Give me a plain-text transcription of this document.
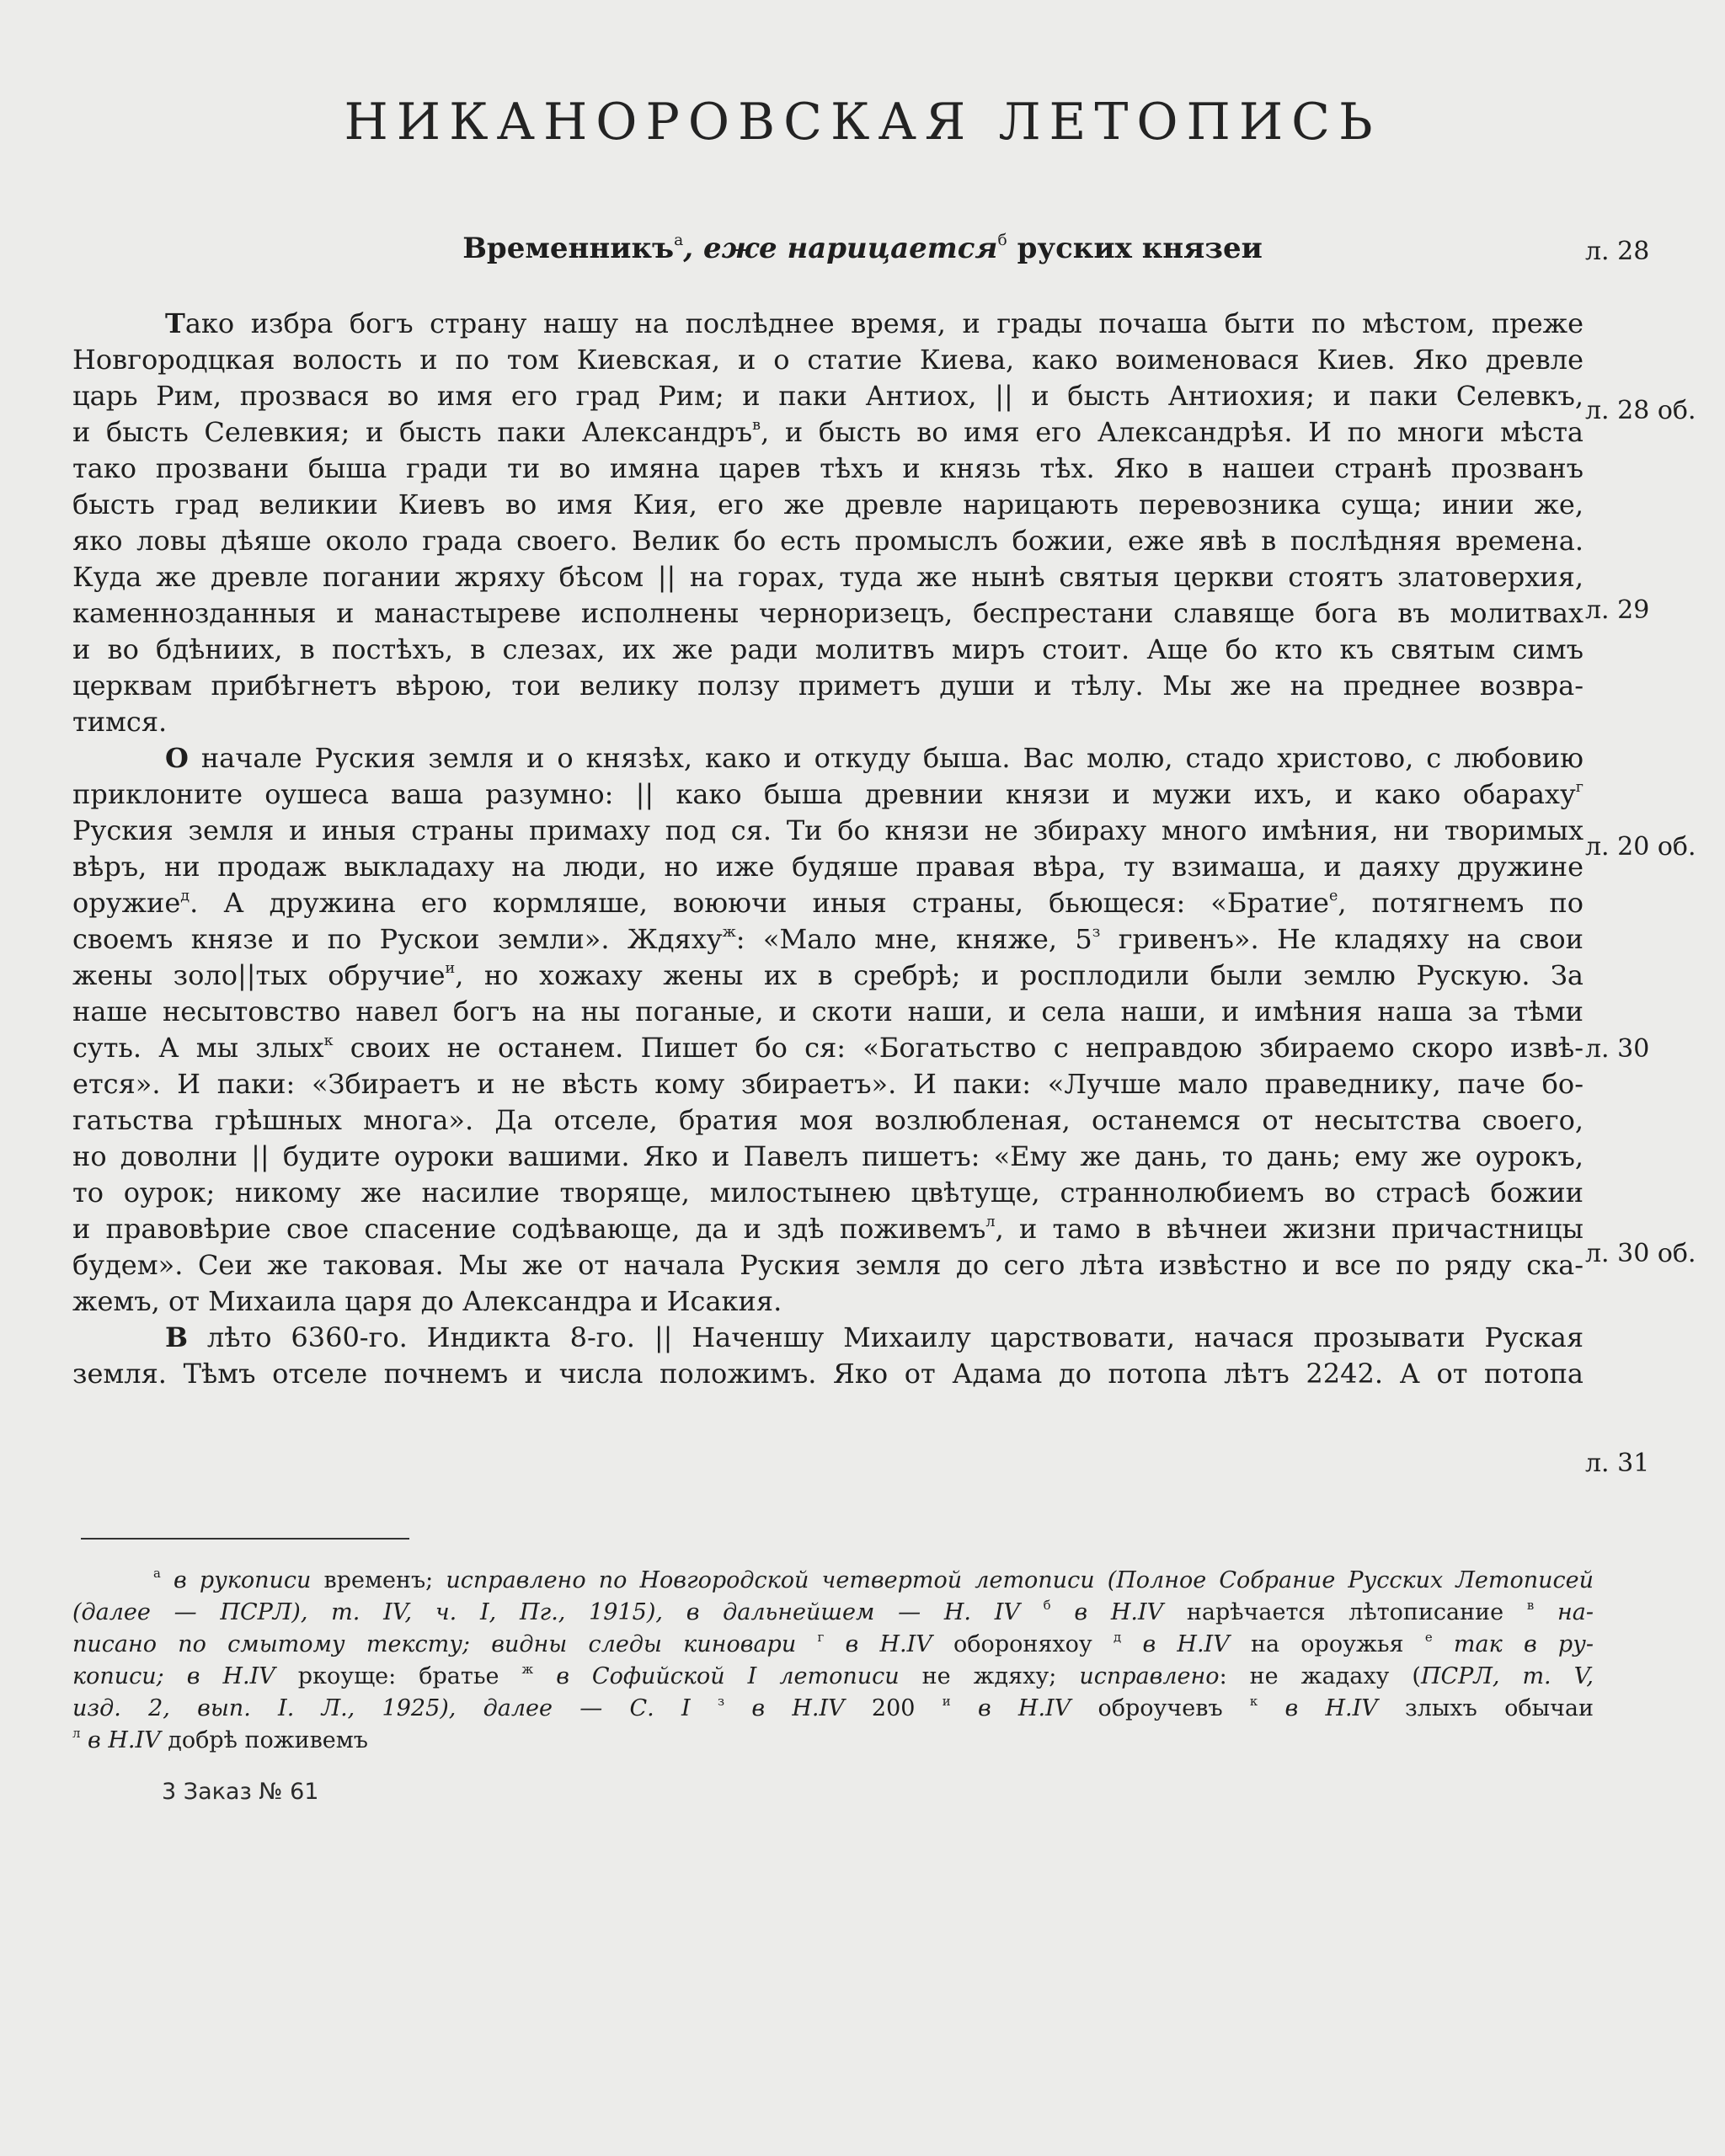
НИКАНОРОВСКАЯ ЛЕТОПИСЬ
Временникъ$^а$, еже нарицается$^б$ руских князеи	л. 28
л. 28 об.
л. 29
л. 20 об.
л. 30
л. 30 об.
л. 31
Тако избра богъ страну нашу на послѣднее время, и грады почаша быти по мѣстом, преже
Новгородцкая волость и по том Киевская, и о статие Киева, како воименовася Киев. Яко древле
царь Рим, прозвася во имя его град Рим; и паки Антиох, || и бысть Антиохия; и паки Селевкъ,
и бысть Селевкия; и бысть паки Александръ$^в$, и бысть во имя его Александрѣя. И по многи мѣста
тако прозвани быша гради ти во имяна царев тѣхъ и князь тѣх. Яко в нашеи странѣ прозванъ
бысть град великии Киевъ во имя Кия, его же древле нарицають перевозника суща; инии же,
яко ловы дѣяше около града своего. Велик бо есть промыслъ божии, еже явѣ в послѣдняя времена.
Куда же древле погании жряху бѣсом || на горах, туда же нынѣ святыя церкви стоятъ златоверхия,
каменнозданныя и манастыреве исполнены черноризецъ, беспрестани славяще бога въ молитвах
и во бдѣниих, в постѣхъ, в слезах, их же ради молитвъ миръ стоит. Аще бо кто къ святым симъ
церквам прибѣгнетъ вѣрою, тои велику ползу приметъ души и тѣлу. Мы же на преднее возвра-
тимся.
О начале Руския земля и о князѣх, како и откуду быша. Вас молю, стадо христово, с любовию
приклоните оушеса ваша разумно: || како быша древнии князи и мужи ихъ, и како обараху$^г$
Руския земля и иныя страны примаху под ся. Ти бо князи не збираху много имѣния, ни творимых
вѣръ, ни продаж выкладаху на люди, но иже будяше правая вѣра, ту взимаша, и даяху дружине
оружие$^д$. А дружина его кормляше, воюючи иныя страны, бьющеся: «Братие$^е$, потягнемъ по
своемъ князе и по Рускои земли». Ждяху$^ж$: «Мало мне, княже, $5^з$ гривенъ». Не кладяху на свои
жены золо||тых обручие$^и$, но хожаху жены их в сребрѣ; и росплодили были землю Рускую. За
наше несытовство навел богъ на ны поганые, и скоти наши, и села наши, и имѣния наша за тѣми
суть. А мы злых$^к$ своих не останем. Пишет бо ся: «Богатьство с неправдою збираемо скоро извѣ-
ется». И паки: «Збираетъ и не вѣсть кому збираетъ». И паки: «Лучше мало праведнику, паче бо-
гатьства грѣшных многа». Да отселе, братия моя возлюбленая, останемся от несытства своего,
но доволни || будите оуроки вашими. Яко и Павелъ пишетъ: «Ему же дань, то дань; ему же оурокъ,
то оурок; никому же насилие творяще, милостынею цвѣтуще, страннолюбиемъ во страсѣ божии
и правовѣрие свое спасение содѣвающе, да и здѣ поживемъ$^л$, и тамо в вѣчнеи жизни причастницы
будем». Сеи же таковая. Мы же от начала Руския земля до сего лѣта извѣстно и все по ряду ска-
жемъ, от Михаила царя до Александра и Исакия.
В лѣто 6360-го. Индикта 8-го. || Наченшу Михаилу царствовати, начася прозывати Руская
земля. Тѣмъ отселе почнемъ и числа положимъ. Яко от Адама до потопа лѣтъ 2242. А от потопа
$^а$ в рукописи временъ; исправлено по Новгородской четвертой летописи (Полное Собрание Русских Летописей
(далее — ПСРЛ), т. IV, ч. I, Пг., 1915), в дальнейшем — Н. IV $^б$ в Н.IV нарѣчается лѣтописание $^в$ на-
писано по смытому тексту; видны следы киновари $^г$ в Н.IV обороняхоу $^д$ в Н.IV на ороужья $^е$ так в ру-
кописи; в Н.IV ркоуще: братье $^ж$ в Софийской I летописи не ждяху; исправлено: не жадаху (ПСРЛ, т. V,
изд. 2, вып. I. Л., 1925), далее — С. I $^з$ в Н.IV 200 $^и$ в Н.IV оброучевъ $^к$ в Н.IV злыхъ обычаи
$^л$ в Н.IV добрѣ поживемъ
3 Заказ № 61
